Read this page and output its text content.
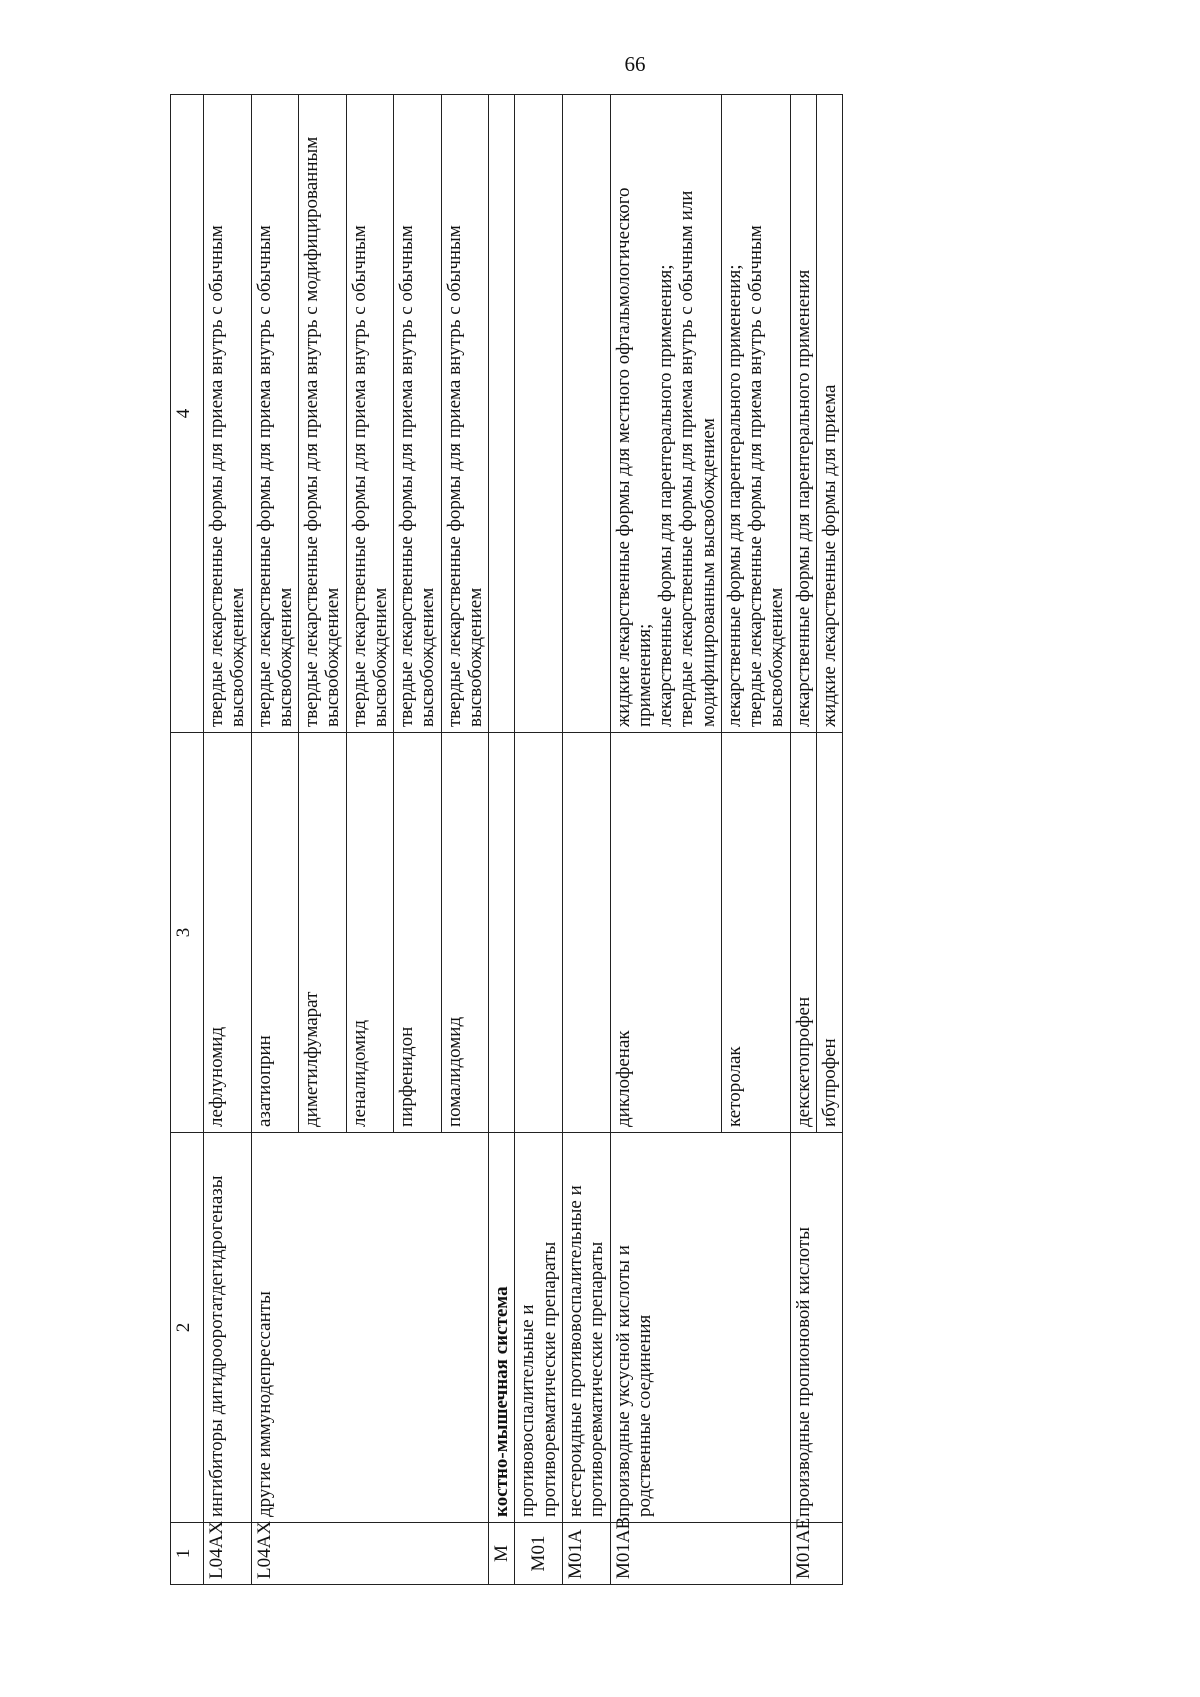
66
1	2	3	4
L04AX	ингибиторы дигидрооротатдегидрогеназы	лефлуномид	твердые лекарственные формы для приема внутрь с обычным высвобождением

L04AX	другие иммунодепрессанты	азатиоприн	твердые лекарственные формы для приема внутрь с обычным высвобождением

		диметилфумарат	твердые лекарственные формы для приема внутрь с модифицированным высвобождением

		леналидомид	твердые лекарственные формы для приема внутрь с обычным высвобождением

		пирфенидон	твердые лекарственные формы для приема внутрь с обычным высвобождением

		помалидомид	твердые лекарственные формы для приема внутрь с обычным высвобождением

M	костно-мышечная система		

M01	противовоспалительные и противоревматические препараты		

M01A	нестероидные противовоспалительные и противоревматические препараты		

M01AB	производные уксусной кислоты и родственные соединения	диклофенак	жидкие лекарственные формы для местного офтальмологического применения; лекарственные формы для парентерального применения; твердые лекарственные формы для приема внутрь с обычным или модифицированным высвобождением

		кеторолак	лекарственные формы для парентерального применения; твердые лекарственные формы для приема внутрь с обычным высвобождением

M01AE	производные пропионовой кислоты	декскетопрофен	лекарственные формы для парентерального применения

		ибупрофен	жидкие лекарственные формы для приема
